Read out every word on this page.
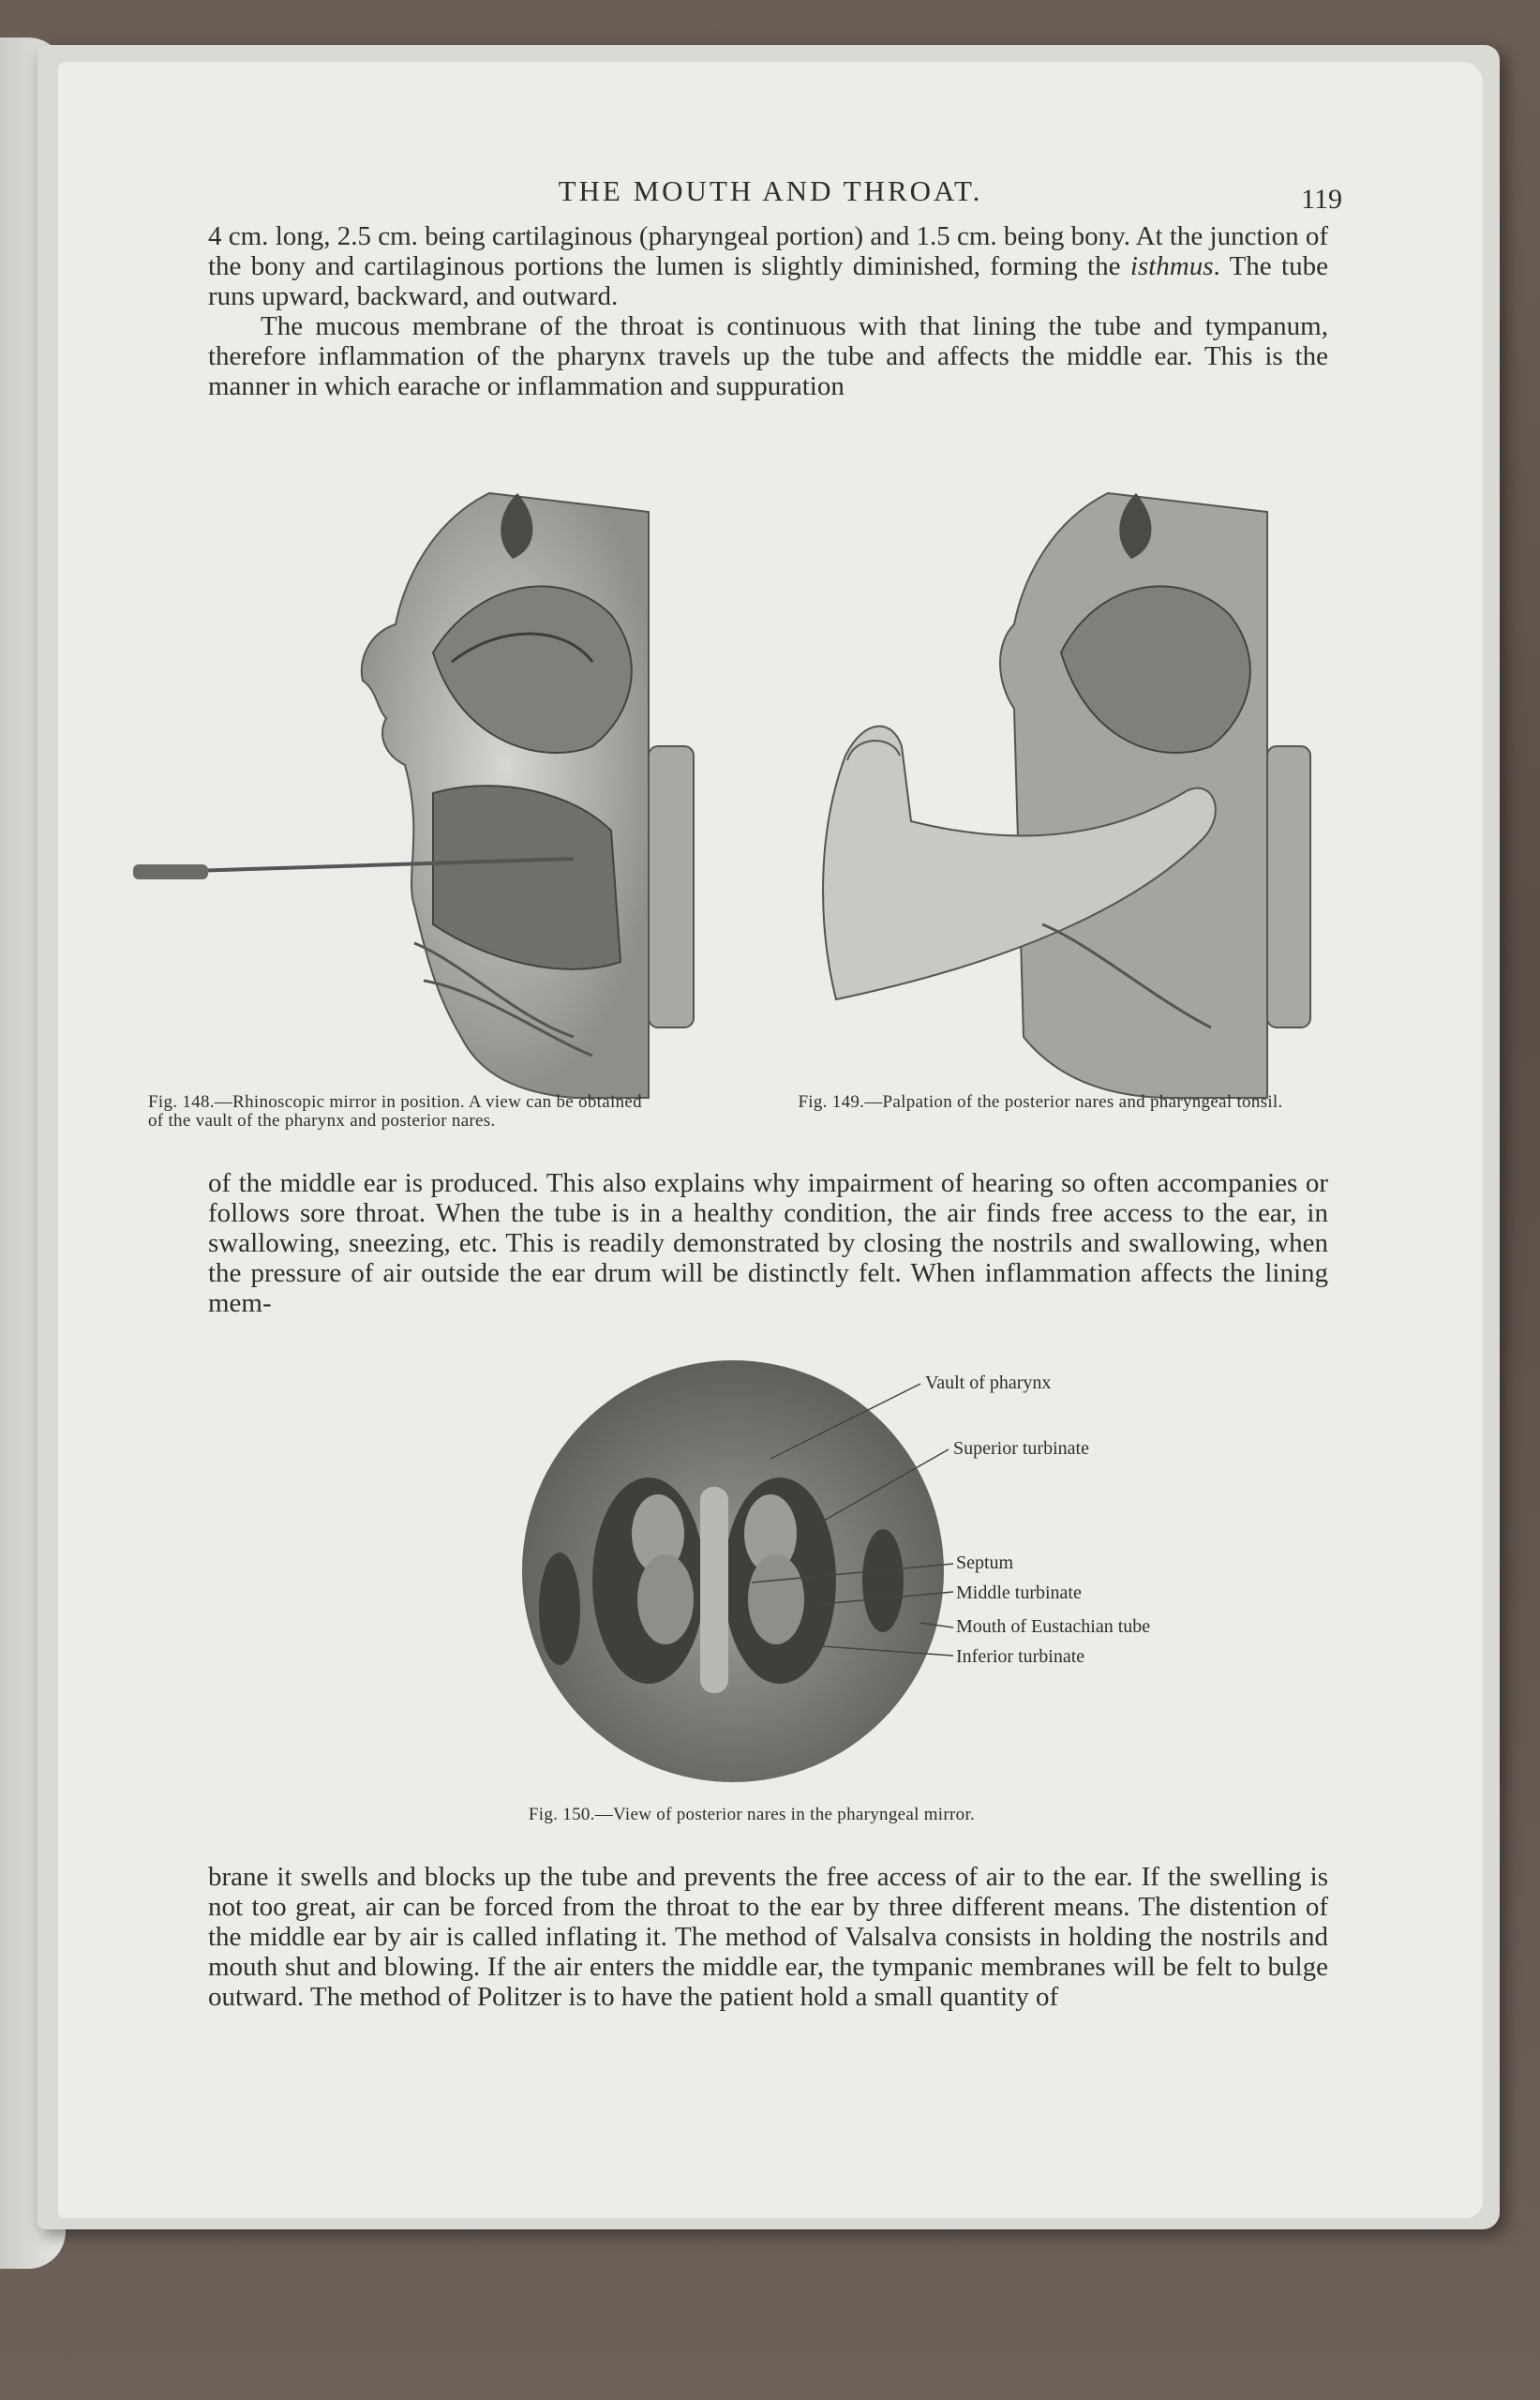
THE MOUTH AND THROAT.	119

4 cm. long, 2.5 cm. being cartilaginous (pharyngeal portion) and 1.5 cm. being bony. At the junction of the bony and cartilaginous portions the lumen is slightly diminished, forming the isthmus. The tube runs upward, backward, and outward.

The mucous membrane of the throat is continuous with that lining the tube and tympanum, therefore inflammation of the pharynx travels up the tube and affects the middle ear. This is the manner in which earache or inflammation and suppuration

Fig. 148.—Rhinoscopic mirror in position. A view can be obtained of the vault of the pharynx and posterior nares.
Fig. 149.—Palpation of the posterior nares and pharyngeal tonsil.

of the middle ear is produced. This also explains why impairment of hearing so often accompanies or follows sore throat. When the tube is in a healthy condition, the air finds free access to the ear, in swallowing, sneezing, etc. This is readily demonstrated by closing the nostrils and swallowing, when the pressure of air outside the ear drum will be distinctly felt. When inflammation affects the lining mem-

Vault of pharynx
Superior turbinate
Septum
Middle turbinate
Mouth of Eustachian tube
Inferior turbinate
Fig. 150.—View of posterior nares in the pharyngeal mirror.

brane it swells and blocks up the tube and prevents the free access of air to the ear. If the swelling is not too great, air can be forced from the throat to the ear by three different means. The distention of the middle ear by air is called inflating it. The method of Valsalva consists in holding the nostrils and mouth shut and blowing. If the air enters the middle ear, the tympanic membranes will be felt to bulge outward. The method of Politzer is to have the patient hold a small quantity of
